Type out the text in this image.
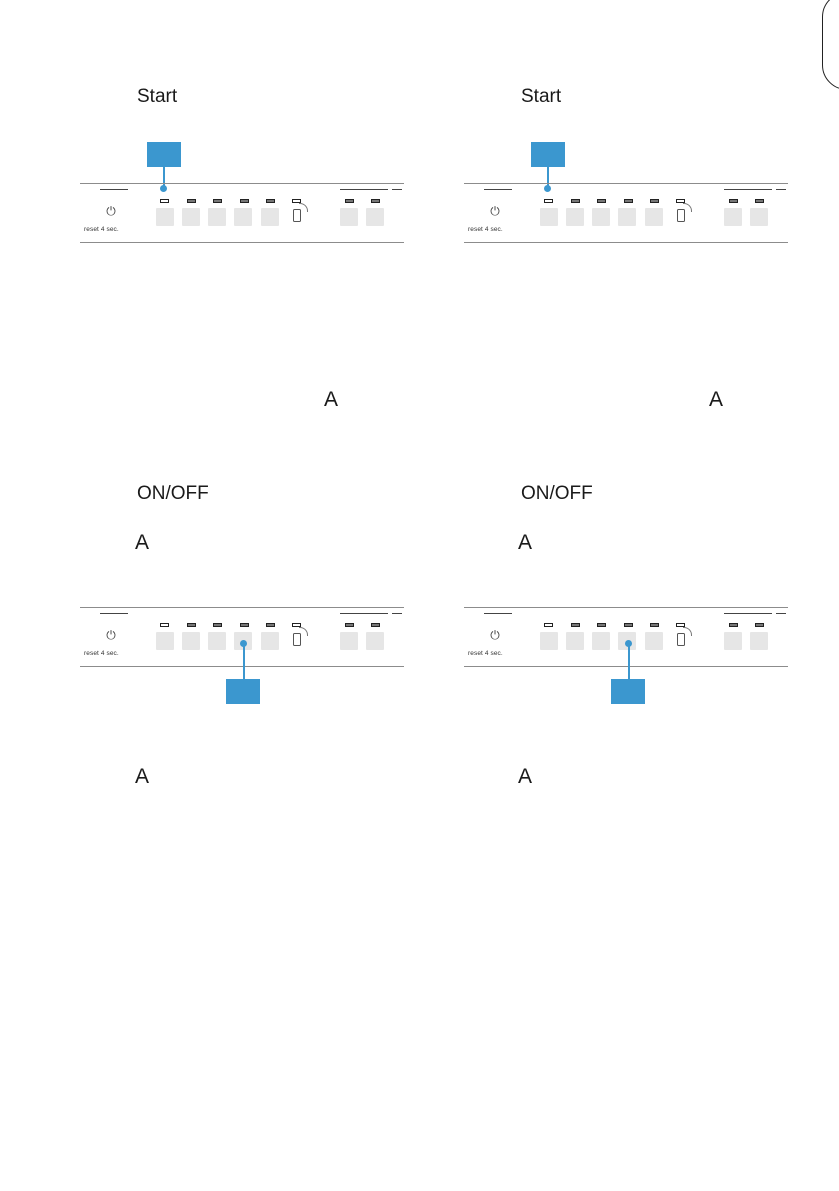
Start	Start
⏻
reset 4 sec.
⏻
reset 4 sec.
A	A
ON/OFF	ON/OFF
A	A
⏻
reset 4 sec.
⏻
reset 4 sec.
A	A
